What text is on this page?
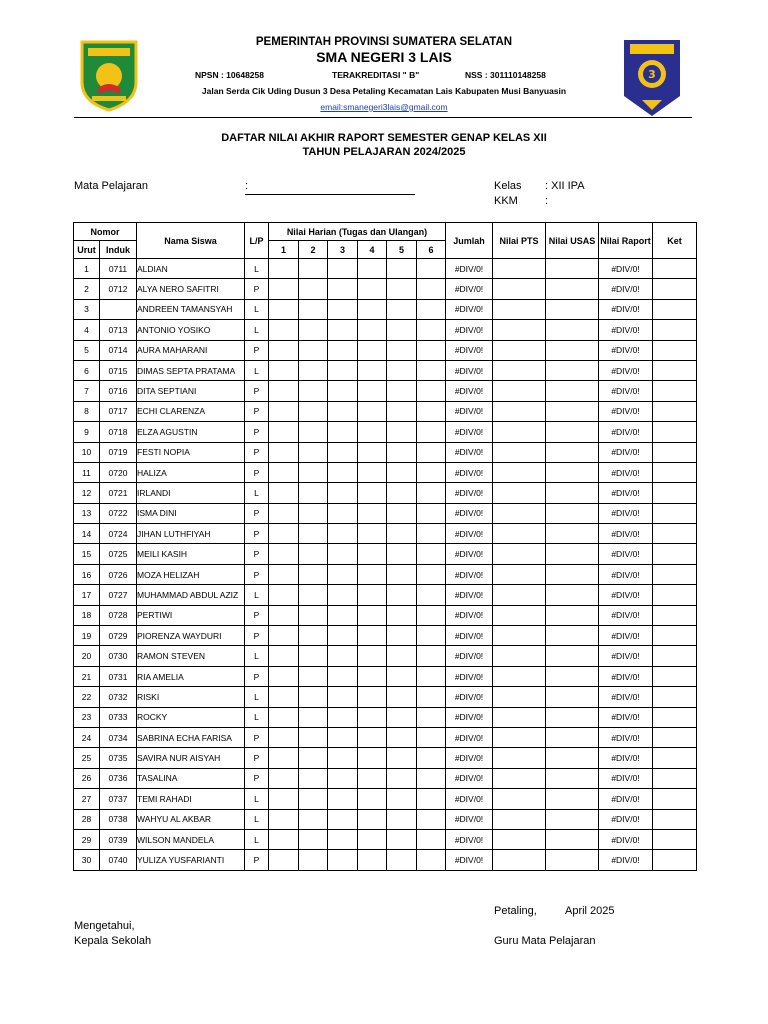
3
PEMERINTAH PROVINSI SUMATERA SELATAN
SMA NEGERI 3 LAIS
NPSN : 10648258	TERAKREDITASI " B"	NSS : 301110148258
Jalan Serda Cik Uding Dusun 3 Desa Petaling Kecamatan Lais Kabupaten Musi Banyuasin
email:smanegeri3lais@gmail.com
DAFTAR NILAI AKHIR RAPORT SEMESTER GENAP KELAS XII
TAHUN PELAJARAN 2024/2025
Mata Pelajaran	:	Kelas : XII IPA
KKM :
Nomor		Nama Siswa	L/P	Nilai Harian (Tugas dan Ulangan)						Jumlah	Nilai PTS	Nilai USAS	Nilai Raport	Ket
Urut	Induk			1	2	3	4	5	6					
1	0711	ALDIAN	L							#DIV/0!			#DIV/0!	
2	0712	ALYA NERO SAFITRI	P							#DIV/0!			#DIV/0!	
3		ANDREEN TAMANSYAH	L							#DIV/0!			#DIV/0!	
4	0713	ANTONIO YOSIKO	L							#DIV/0!			#DIV/0!	
5	0714	AURA MAHARANI	P							#DIV/0!			#DIV/0!	
6	0715	DIMAS SEPTA PRATAMA	L							#DIV/0!			#DIV/0!	
7	0716	DITA SEPTIANI	P							#DIV/0!			#DIV/0!	
8	0717	ECHI CLARENZA	P							#DIV/0!			#DIV/0!	
9	0718	ELZA AGUSTIN	P							#DIV/0!			#DIV/0!	
10	0719	FESTI NOPIA	P							#DIV/0!			#DIV/0!	
11	0720	HALIZA	P							#DIV/0!			#DIV/0!	
12	0721	IRLANDI	L							#DIV/0!			#DIV/0!	
13	0722	ISMA DINI	P							#DIV/0!			#DIV/0!	
14	0724	JIHAN LUTHFIYAH	P							#DIV/0!			#DIV/0!	
15	0725	MEILI KASIH	P							#DIV/0!			#DIV/0!	
16	0726	MOZA HELIZAH	P							#DIV/0!			#DIV/0!	
17	0727	MUHAMMAD ABDUL AZIZ	L							#DIV/0!			#DIV/0!	
18	0728	PERTIWI	P							#DIV/0!			#DIV/0!	
19	0729	PIORENZA WAYDURI	P							#DIV/0!			#DIV/0!	
20	0730	RAMON STEVEN	L							#DIV/0!			#DIV/0!	
21	0731	RIA AMELIA	P							#DIV/0!			#DIV/0!	
22	0732	RISKI	L							#DIV/0!			#DIV/0!	
23	0733	ROCKY	L							#DIV/0!			#DIV/0!	
24	0734	SABRINA ECHA FARISA	P							#DIV/0!			#DIV/0!	
25	0735	SAVIRA NUR AISYAH	P							#DIV/0!			#DIV/0!	
26	0736	TASALINA	P							#DIV/0!			#DIV/0!	
27	0737	TEMI RAHADI	L							#DIV/0!			#DIV/0!	
28	0738	WAHYU AL AKBAR	L							#DIV/0!			#DIV/0!	
29	0739	WILSON MANDELA	L							#DIV/0!			#DIV/0!	
30	0740	YULIZA YUSFARIANTI	P							#DIV/0!			#DIV/0!	
Petaling,	April 2025
Mengetahui,
Kepala Sekolah	Guru Mata Pelajaran
